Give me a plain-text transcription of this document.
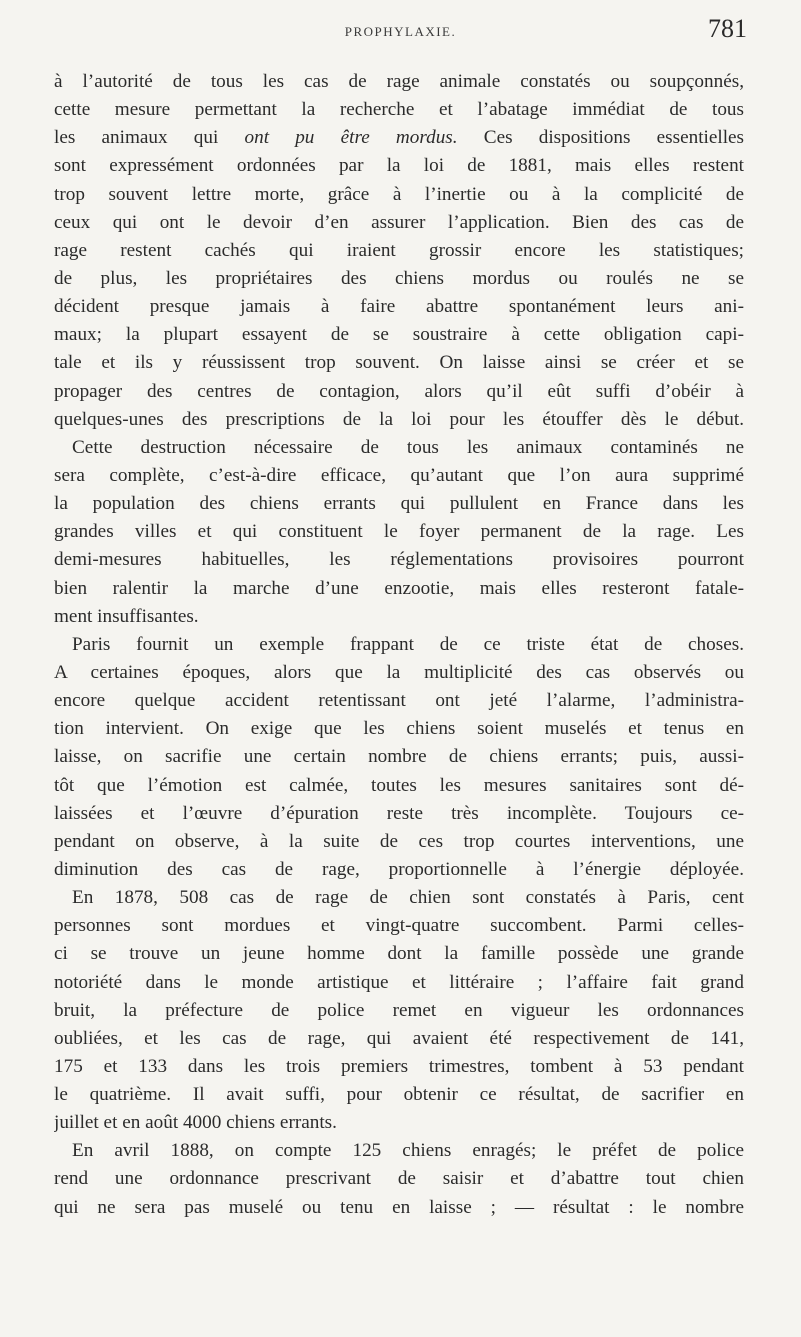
PROPHYLAXIE.	781
à l’autorité de tous les cas de rage animale constatés ou soupçonnés,
cette mesure permettant la recherche et l’abatage immédiat de tous
les animaux qui ont pu être mordus. Ces dispositions essentielles
sont expressément ordonnées par la loi de 1881, mais elles restent
trop souvent lettre morte, grâce à l’inertie ou à la complicité de
ceux qui ont le devoir d’en assurer l’application. Bien des cas de
rage restent cachés qui iraient grossir encore les statistiques;
de plus, les propriétaires des chiens mordus ou roulés ne se
décident presque jamais à faire abattre spontanément leurs ani-
maux; la plupart essayent de se soustraire à cette obligation capi-
tale et ils y réussissent trop souvent. On laisse ainsi se créer et se
propager des centres de contagion, alors qu’il eût suffi d’obéir à
quelques-unes des prescriptions de la loi pour les étouffer dès le début.
Cette destruction nécessaire de tous les animaux contaminés ne
sera complète, c’est-à-dire efficace, qu’autant que l’on aura supprimé
la population des chiens errants qui pullulent en France dans les
grandes villes et qui constituent le foyer permanent de la rage. Les
demi-mesures habituelles, les réglementations provisoires pourront
bien ralentir la marche d’une enzootie, mais elles resteront fatale-
ment insuffisantes.
Paris fournit un exemple frappant de ce triste état de choses.
A certaines époques, alors que la multiplicité des cas observés ou
encore quelque accident retentissant ont jeté l’alarme, l’administra-
tion intervient. On exige que les chiens soient muselés et tenus en
laisse, on sacrifie une certain nombre de chiens errants; puis, aussi-
tôt que l’émotion est calmée, toutes les mesures sanitaires sont dé-
laissées et l’œuvre d’épuration reste très incomplète. Toujours ce-
pendant on observe, à la suite de ces trop courtes interventions, une
diminution des cas de rage, proportionnelle à l’énergie déployée.
En 1878, 508 cas de rage de chien sont constatés à Paris, cent
personnes sont mordues et vingt-quatre succombent. Parmi celles-
ci se trouve un jeune homme dont la famille possède une grande
notoriété dans le monde artistique et littéraire ; l’affaire fait grand
bruit, la préfecture de police remet en vigueur les ordonnances
oubliées, et les cas de rage, qui avaient été respectivement de 141,
175 et 133 dans les trois premiers trimestres, tombent à 53 pendant
le quatrième. Il avait suffi, pour obtenir ce résultat, de sacrifier en
juillet et en août 4000 chiens errants.
En avril 1888, on compte 125 chiens enragés; le préfet de police
rend une ordonnance prescrivant de saisir et d’abattre tout chien
qui ne sera pas muselé ou tenu en laisse ; — résultat : le nombre
